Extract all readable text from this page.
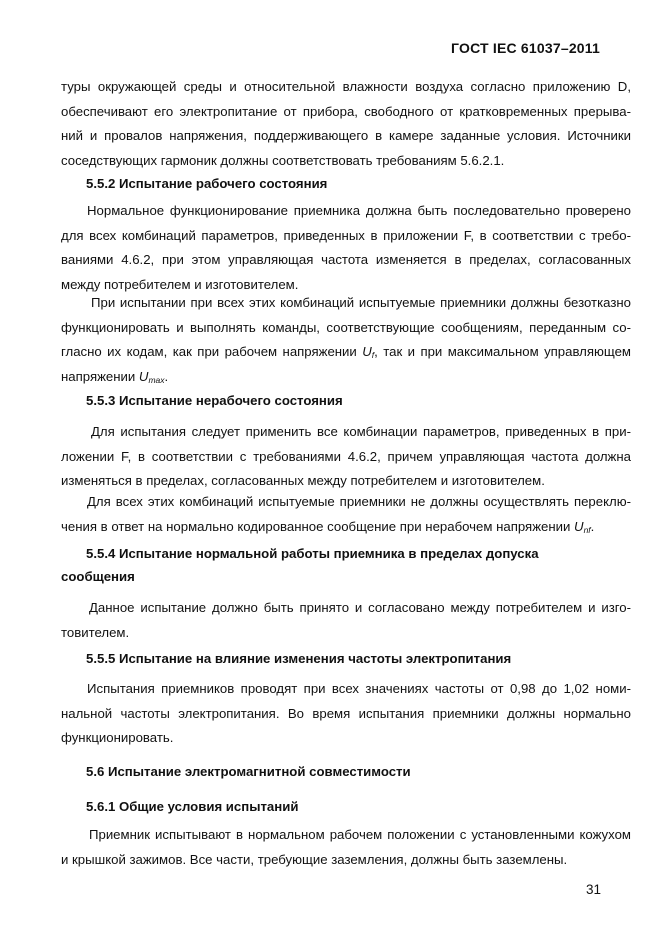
ГОСТ IEC 61037–2011
туры окружающей среды и относительной влажности воздуха согласно приложению D,
обеспечивают его электропитание от прибора, свободного от кратковременных прерыва-
ний и провалов напряжения, поддерживающего в камере заданные условия. Источники
соседствующих гармоник должны соответствовать требованиям 5.6.2.1.
5.5.2 Испытание рабочего состояния
Нормальное функционирование приемника должна быть последовательно проверено
для всех комбинаций параметров, приведенных в приложении F, в соответствии с требо-
ваниями 4.6.2, при этом управляющая частота изменяется в пределах, согласованных
между потребителем и изготовителем.
При испытании при всех этих комбинаций испытуемые приемники должны безотказно
функционировать и выполнять команды, соответствующие сообщениям, переданным со-
гласно их кодам, как при рабочем напряжении $U_f$, так и при максимальном управляющем
напряжении $U_{max}$.
5.5.3 Испытание нерабочего состояния
Для испытания следует применить все комбинации параметров, приведенных в при-
ложении F, в соответствии с требованиями 4.6.2, причем управляющая частота должна
изменяться в пределах, согласованных между потребителем и изготовителем.
Для всех этих комбинаций испытуемые приемники не должны осуществлять переклю-
чения в ответ на нормально кодированное сообщение при нерабочем напряжении $U_{nf}$.
5.5.4 Испытание нормальной работы приемника в пределах допуска
сообщения
Данное испытание должно быть принято и согласовано между потребителем и изго-
товителем.
5.5.5 Испытание на влияние изменения частоты электропитания
Испытания приемников проводят при всех значениях частоты от 0,98 до 1,02 номи-
нальной частоты электропитания. Во время испытания приемники должны нормально
функционировать.
5.6 Испытание электромагнитной совместимости
5.6.1 Общие условия испытаний
Приемник испытывают в нормальном рабочем положении с установленными кожухом
и крышкой зажимов. Все части, требующие заземления, должны быть заземлены.
31
